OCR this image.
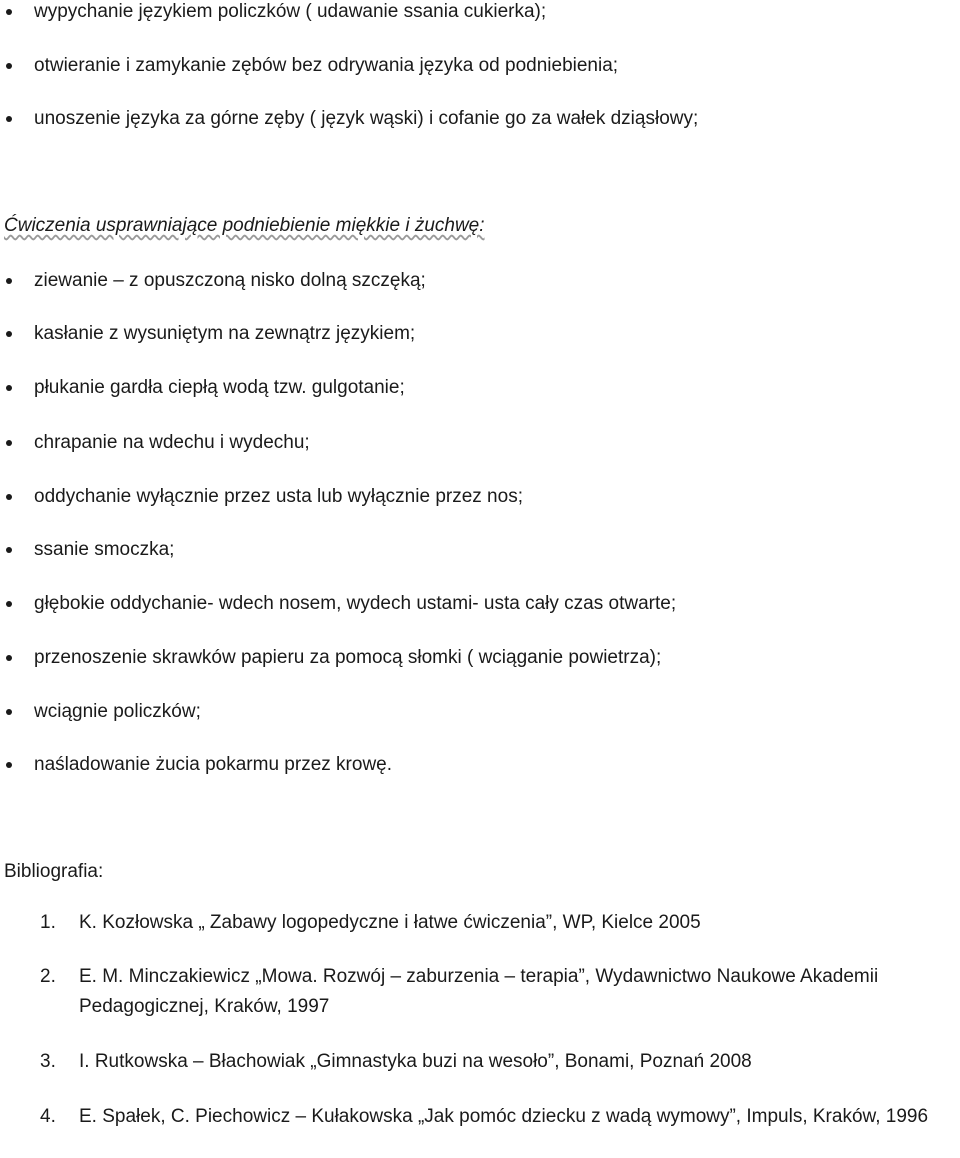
wypychanie językiem policzków ( udawanie ssania cukierka);
otwieranie i zamykanie zębów bez odrywania języka od podniebienia;
unoszenie języka za górne zęby ( język wąski) i cofanie go za wałek dziąsłowy;
Ćwiczenia usprawniające podniebienie miękkie i żuchwę:
ziewanie – z opuszczoną nisko dolną szczęką;
kasłanie z wysuniętym na zewnątrz językiem;
płukanie gardła ciepłą wodą tzw. gulgotanie;
chrapanie na wdechu i wydechu;
oddychanie wyłącznie przez usta lub wyłącznie przez nos;
ssanie smoczka;
głębokie oddychanie- wdech nosem, wydech ustami- usta cały czas otwarte;
przenoszenie skrawków papieru za pomocą słomki ( wciąganie powietrza);
wciągnie policzków;
naśladowanie żucia pokarmu przez krowę.
Bibliografia:
1. K. Kozłowska „ Zabawy logopedyczne i łatwe ćwiczenia”, WP, Kielce 2005
2. E. M. Minczakiewicz „Mowa. Rozwój – zaburzenia – terapia”, Wydawnictwo Naukowe Akademii Pedagogicznej, Kraków, 1997
3. I. Rutkowska – Błachowiak „Gimnastyka buzi na wesoło”, Bonami, Poznań 2008
4. E. Spałek, C. Piechowicz – Kułakowska „Jak pomóc dziecku z wadą wymowy”, Impuls, Kraków, 1996
